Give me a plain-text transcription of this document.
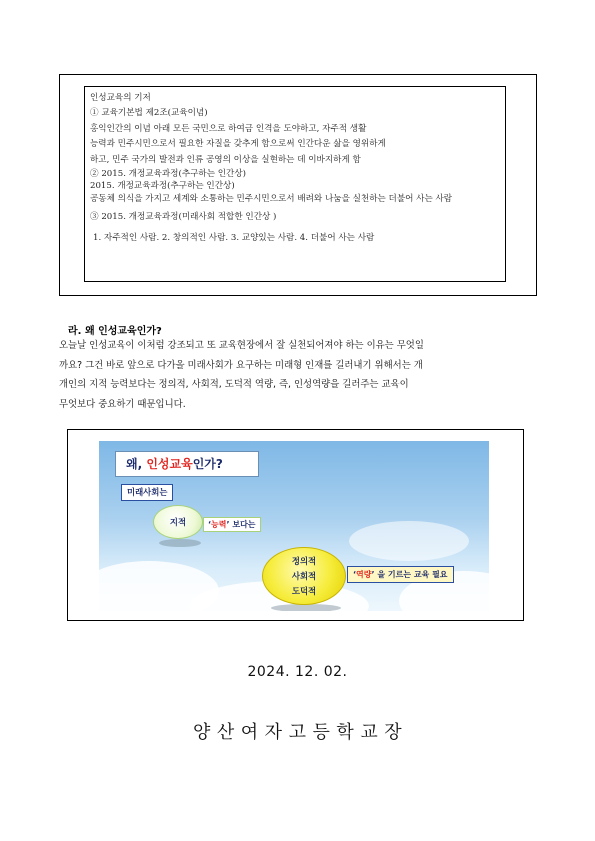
인성교육의 기저
① 교육기본법 제2조(교육이념)
홍익인간의 이념 아래 모든 국민으로 하여금 인격을 도야하고, 자주적 생활
능력과 민주시민으로서 필요한 자질을 갖추게 함으로써 인간다운 삶을 영위하게
하고, 민주 국가의 발전과 인류 공영의 이상을 실현하는 데 이바지하게 함
② 2015. 개정교육과정(추구하는 인간상)
2015. 개정교육과정(추구하는 인간상)
공동체 의식을 가지고 세계와 소통하는 민주시민으로서 배려와 나눔을 실천하는 더불어 사는 사람
③ 2015. 개정교육과정(미래사회 적합한 인간상 )
1. 자주적인 사람. 2. 창의적인 사람. 3. 교양있는 사람. 4. 더불어 사는 사람
라. 왜 인성교육인가?
오늘날 인성교육이 이처럼 강조되고 또 교육현장에서 잘 실천되어져야 하는 이유는 무엇일
까요? 그건 바로 앞으로 다가올 미래사회가 요구하는 미래형 인재를 길러내기 위해서는 개
개인의 지적 능력보다는 정의적, 사회적, 도덕적 역량, 즉, 인성역량을 길러주는 교육이
무엇보다 중요하기 때문입니다.
왜, 인성교육인가?
미래사회는
지적	‘능력’ 보다는
정의적
사회적
도덕적
‘역량’ 을 기르는 교육 필요
2024. 12. 02.
양 산 여 자 고 등 학 교 장
